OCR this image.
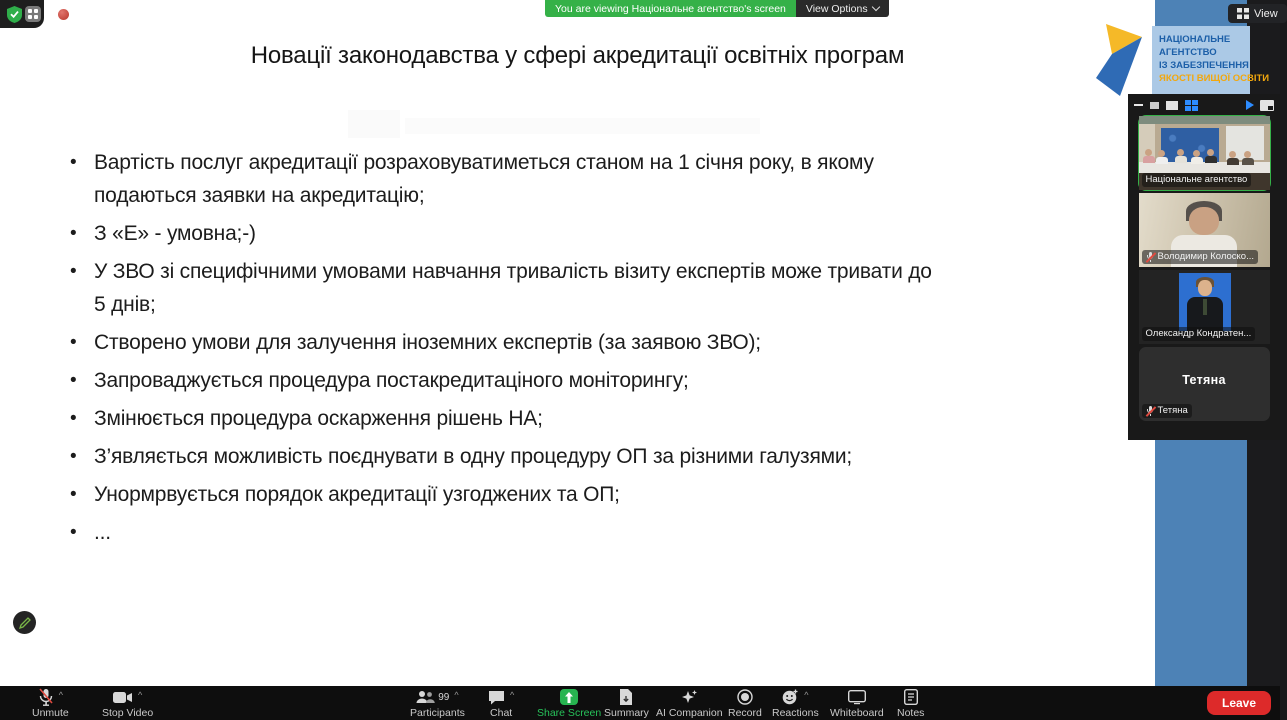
Новації законодавства у сфері акредитації освітніх програм
• Вартість послуг акредитації розраховуватиметься станом на 1 січня року, в якому
подаються заявки на акредитацію;
• З «Е» - умовна;-)
• У ЗВО зі специфічними умовами навчання тривалість візиту експертів може тривати до
5 днів;
• Створено умови для залучення іноземних експертів (за заявою ЗВО);
• Запроваджується процедура постакредитаціного моніторингу;
• Змінюється процедура оскарження рішень НА;
• З’являється можливість поєднувати в одну процедуру ОП за різними галузями;
• Унормрвується порядок акредитації узгоджених та ОП;
• ...
НАЦІОНАЛЬНЕ
АГЕНТСТВО
ІЗ ЗАБЕЗПЕЧЕННЯ
ЯКОСТІ ВИЩОЇ ОСВІТИ
You are viewing Національне агентство's screen	View Options	View
Національне агентство
Володимир Колоско...
Олександр Кондратен...
Тетяна
Тетяна
^
Unmute
^
Stop Video
99 ^
Participants
^
Chat Share Screen Summary AI Companion Record
^
Reactions Whiteboard Notes
Leave
